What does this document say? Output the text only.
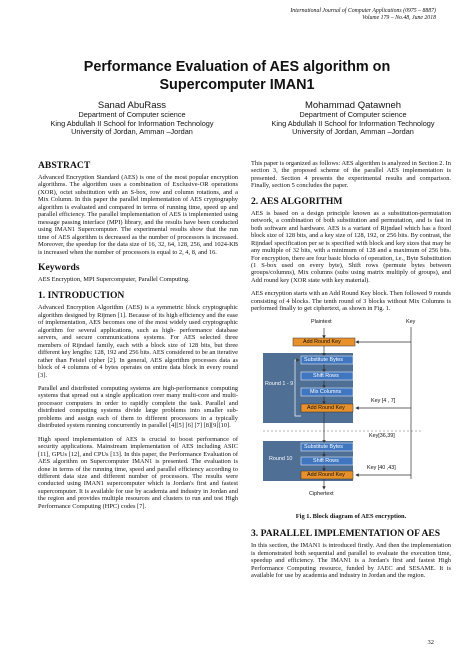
International Journal of Computer Applications (0975 – 8887)
Volume 179 – No.48, June 2018
Performance Evaluation of AES algorithm on
Supercomputer IMAN1
Sanad AbuRass
Department of Computer science
King Abdullah II School for Information Technology
University of Jordan, Amman –Jordan
Mohammad Qatawneh
Department of Computer science
King Abdullah II School for Information Technology
University of Jordan, Amman –Jordan
ABSTRACT

Advanced Encryption Standard (AES) is one of the most popular encryption algorithms. The algorithm uses a combination of Exclusive-OR operations (XOR), octet substitution with an S-box, row and column rotations, and a Mix Column. In this paper the parallel implementation of AES cryptography algorithm is evaluated and compared in terms of running time, speed up and parallel efficiency. The parallel implementation of AES is implemented using message passing interface (MPI) library, and the results have been conducted using IMAN1 Supercomputer. The experimental results show that the run time of AES algorithm is decreased as the number of processors is increased. Moreover, the speedup for the data size of 16, 32, 64, 128, 256, and 1024-KB is increased when the number of processors is equal to 2, 4, 8, and 16.

Keywords
AES Encryption, MPI Supercomputer, Parallel Computing.
1. INTRODUCTION

Advanced Encryption Algorithm (AES) is a symmetric block cryptographic algorithm designed by Rijmen [1]. Because of its high efficiency and the ease of implementation, AES becomes one of the most widely used cryptographic algorithm for several applications, such as high- performance database servers, and secure communications systems. For AES selected three members of Rijndael family, each with a block size of 128 bits, but three different key lengths: 128, 192 and 256 bits. AES considered to be an iterative rather than Feistel cipher [2]. In general, AES algorithm processes data as block of 4 columns of 4 bytes operates on entire data block in every round [3].

Parallel and distributed computing systems are high-performance computing systems that spread out a single application over many multi-core and multi-processor computers in order to rapidly complete the task. Parallel and distributed computing systems divide large problems into smaller sub-problems and assign each of them to different processors in a typically distributed system running concurrently in parallel [4][5] [6] [7] [8][9][10].

High speed implementation of AES is crucial to boost performance of security applications. Mainstream implementation of AES including ASIC [11], GPUs [12], and CPUs [13]. In this paper, the Performance Evaluation of AES algorithm on Supercomputer IMAN1 is presented. The evaluation is done in terms of the running time, speed and parallel efficiency according to different data size and different number of processors. The results were conducted using IMAN1 supercomputer which is Jordan's first and fastest supercomputer. It is available for use by academia and industry in Jordan and the region and provides multiple resources and clusters to run and test High Performance Computing (HPC) codes [7].

This paper is organized as follows: AES algorithm is analyzed in Section 2. In section 3, the proposed scheme of the parallel AES implementation is presented. Section 4 presents the experimental results and comparison. Finally, section 5 concludes the paper.

2. AES ALGORITHM

AES is based on a design principle known as a substitution-permutation network, a combination of both substitution and permutation, and is fast in both software and hardware. AES is a variant of Rijndael which has a fixed block size of 128 bits, and a key size of 128, 192, or 256 bits. By contrast, the Rijndael specification per se is specified with block and key sizes that may be any multiple of 32 bits, with a minimum of 128 and a maximum of 256 bits. For encryption, there are four basic blocks of operation, i.e., Byte Substitution (1 S-box used on every byte), Shift rows (permute bytes between groups/columns), Mix columns (subs using matrix multiply of groups), and Add round key (XOR state with key material).

AES encryption starts with an Add Round Key block. Then followed 9 rounds consisting of 4 blocks. The tenth round of 3 blocks without Mix Columns is performed finally to get ciphertext, as shown in Fig. 1.

Plaintext	Key
Add Round Key
Substitute Bytes
Shift Rows
Mix Columns
Add Round Key
Round 1 - 9
Key [4 , 7]
Substitute Bytes
Shift Rows
Add Round Key
Round 10
Key[36,39]
Key [40 ,43]
Ciphertext
Fig 1. Block diagram of AES encryption.
3. PARALLEL IMPLEMENTATION OF AES

In this section, the IMAN1 is introduced firstly. And then the implementation is demonstrated both sequential and parallel to evaluate the execution time, speedup and efficiency. The IMAN1 is a Jordan's first and fastest High Performance Computing resource, funded by JAEC and SESAME. It is available for use by academia and industry in Jordan and the region.

32
